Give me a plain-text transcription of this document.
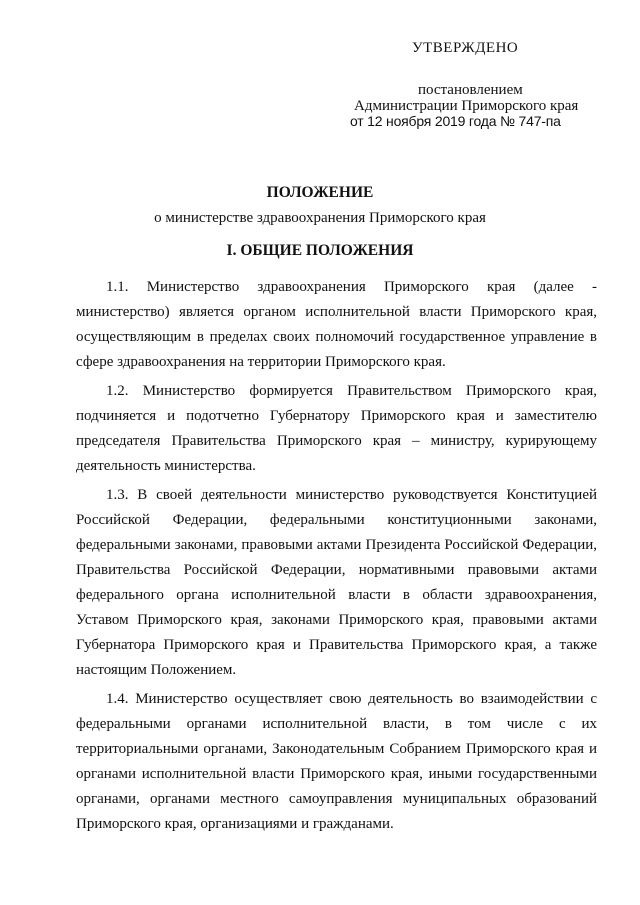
УТВЕРЖДЕНО
постановлением
Администрации Приморского края
от 12 ноября 2019 года № 747-па
ПОЛОЖЕНИЕ
о министерстве здравоохранения Приморского края
I. ОБЩИЕ ПОЛОЖЕНИЯ

1.1. Министерство здравоохранения Приморского края (далее - министерство) является органом исполнительной власти Приморского края, осуществляющим в пределах своих полномочий государственное управление в сфере здравоохранения на территории Приморского края.

1.2. Министерство формируется Правительством Приморского края, подчиняется и подотчетно Губернатору Приморского края и заместителю председателя Правительства Приморского края – министру, курирующему деятельность министерства.

1.3. В своей деятельности министерство руководствуется Конституцией Российской Федерации, федеральными конституционными законами, федеральными законами, правовыми актами Президента Российской Федерации, Правительства Российской Федерации, нормативными правовыми актами федерального органа исполнительной власти в области здравоохранения, Уставом Приморского края, законами Приморского края, правовыми актами Губернатора Приморского края и Правительства Приморского края, а также настоящим Положением.

1.4. Министерство осуществляет свою деятельность во взаимодействии с федеральными органами исполнительной власти, в том числе с их территориальными органами, Законодательным Собранием Приморского края и органами исполнительной власти Приморского края, иными государственными органами, органами местного самоуправления муниципальных образований Приморского края, организациями и гражданами.
